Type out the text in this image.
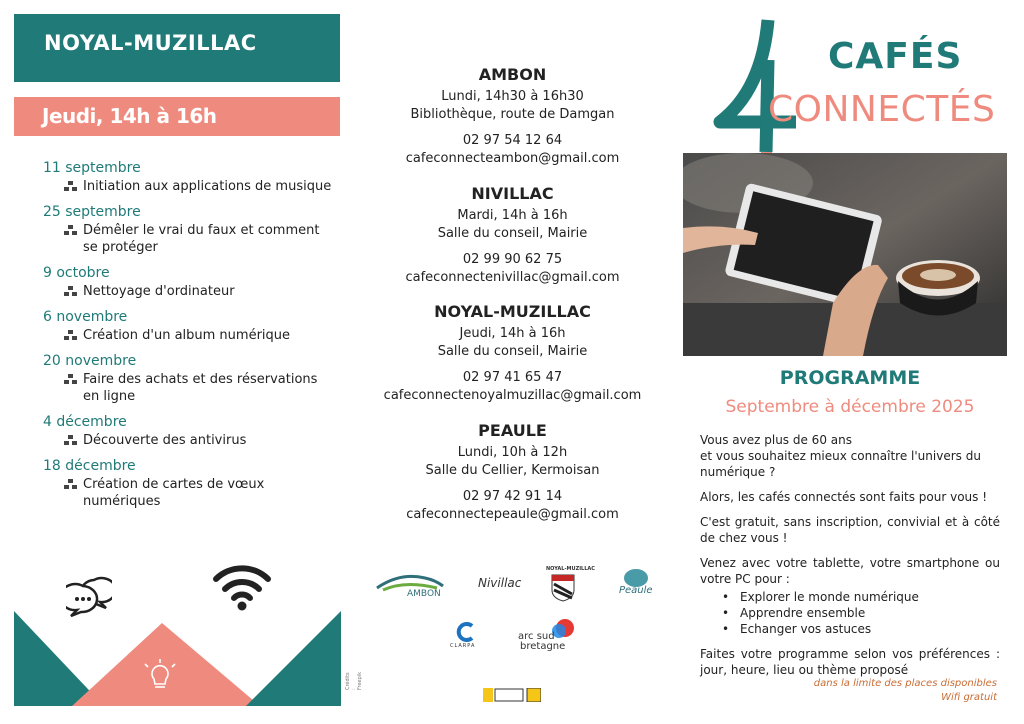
NOYAL-MUZILLAC
Jeudi, 14h à 16h
11 septembre
Initiation aux applications de musique
25 septembre
Démêler le vrai du faux et comment se protéger
9 octobre
Nettoyage d'ordinateur
6 novembre
Création d'un album numérique
20 novembre
Faire des achats et des réservations en ligne
4 décembre
Découverte des antivirus
18 décembre
Création de cartes de vœux numériques
Crédits : Freepik
AMBON
Lundi, 14h30 à 16h30
Bibliothèque, route de Damgan
02 97 54 12 64
cafeconnecteambon@gmail.com
NIVILLAC
Mardi, 14h à 16h
Salle du conseil, Mairie
02 99 90 62 75
cafeconnectenivillac@gmail.com
NOYAL-MUZILLAC
Jeudi, 14h à 16h
Salle du conseil, Mairie
02 97 41 65 47
cafeconnectenoyalmuzillac@gmail.com
PEAULE
Lundi, 10h à 12h
Salle du Cellier, Kermoisan
02 97 42 91 14
cafeconnectepeaule@gmail.com
AMBON
Nivillac
NOYAL-MUZILLAC
Peaule
CLARPA
arc sud
bretagne
CAFÉS
CONNECTÉS
PROGRAMME
Septembre à décembre 2025

Vous avez plus de 60 ans
et vous souhaitez mieux connaître l'univers du numérique ?

Alors, les cafés connectés sont faits pour vous !

C'est gratuit, sans inscription, convivial et à côté de chez vous !

Venez avec votre tablette, votre smartphone ou votre PC pour :

• Explorer le monde numérique
• Apprendre ensemble
• Echanger vos astuces

Faites votre programme selon vos préférences : jour, heure, lieu ou thème proposé

dans la limite des places disponibles
Wifi gratuit
